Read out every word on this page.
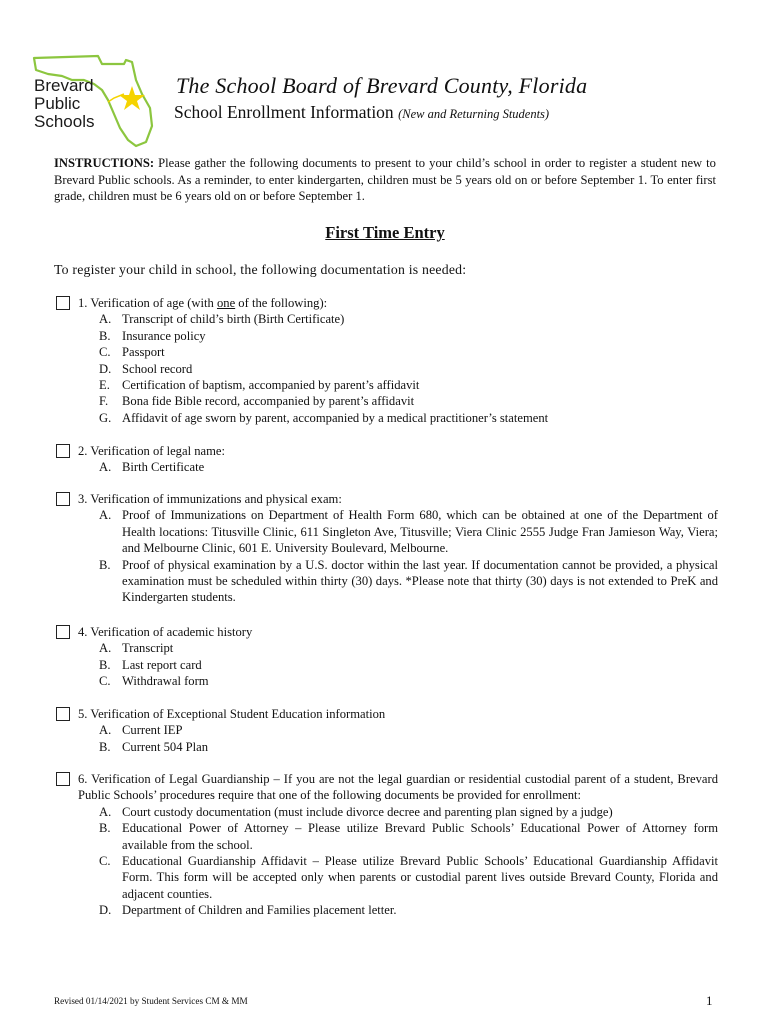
Brevard
Public
Schools
The School Board of Brevard County, Florida
School Enrollment Information (New and Returning Students)
INSTRUCTIONS: Please gather the following documents to present to your child’s school in order to register a student new to Brevard Public schools. As a reminder, to enter kindergarten, children must be 5 years old on or before September 1. To enter first grade, children must be 6 years old on or before September 1.
First Time Entry
To register your child in school, the following documentation is needed:
1. Verification of age (with one of the following):
A. Transcript of child’s birth (Birth Certificate)
B. Insurance policy
C. Passport
D. School record
E. Certification of baptism, accompanied by parent’s affidavit
F. Bona fide Bible record, accompanied by parent’s affidavit
G. Affidavit of age sworn by parent, accompanied by a medical practitioner’s statement
2. Verification of legal name:
A. Birth Certificate
3. Verification of immunizations and physical exam:
A. Proof of Immunizations on Department of Health Form 680, which can be obtained at one of the Department of Health locations: Titusville Clinic, 611 Singleton Ave, Titusville; Viera Clinic 2555 Judge Fran Jamieson Way, Viera; and Melbourne Clinic, 601 E. University Boulevard, Melbourne.
B. Proof of physical examination by a U.S. doctor within the last year. If documentation cannot be provided, a physical examination must be scheduled within thirty (30) days. *Please note that thirty (30) days is not extended to PreK and Kindergarten students.
4. Verification of academic history
A. Transcript
B. Last report card
C. Withdrawal form
5. Verification of Exceptional Student Education information
A. Current IEP
B. Current 504 Plan
6. Verification of Legal Guardianship – If you are not the legal guardian or residential custodial parent of a student, Brevard Public Schools’ procedures require that one of the following documents be provided for enrollment:
A. Court custody documentation (must include divorce decree and parenting plan signed by a judge)
B. Educational Power of Attorney – Please utilize Brevard Public Schools’ Educational Power of Attorney form available from the school.
C. Educational Guardianship Affidavit – Please utilize Brevard Public Schools’ Educational Guardianship Affidavit Form. This form will be accepted only when parents or custodial parent lives outside Brevard County, Florida and adjacent counties.
D. Department of Children and Families placement letter.
Revised 01/14/2021 by Student Services CM & MM	1
